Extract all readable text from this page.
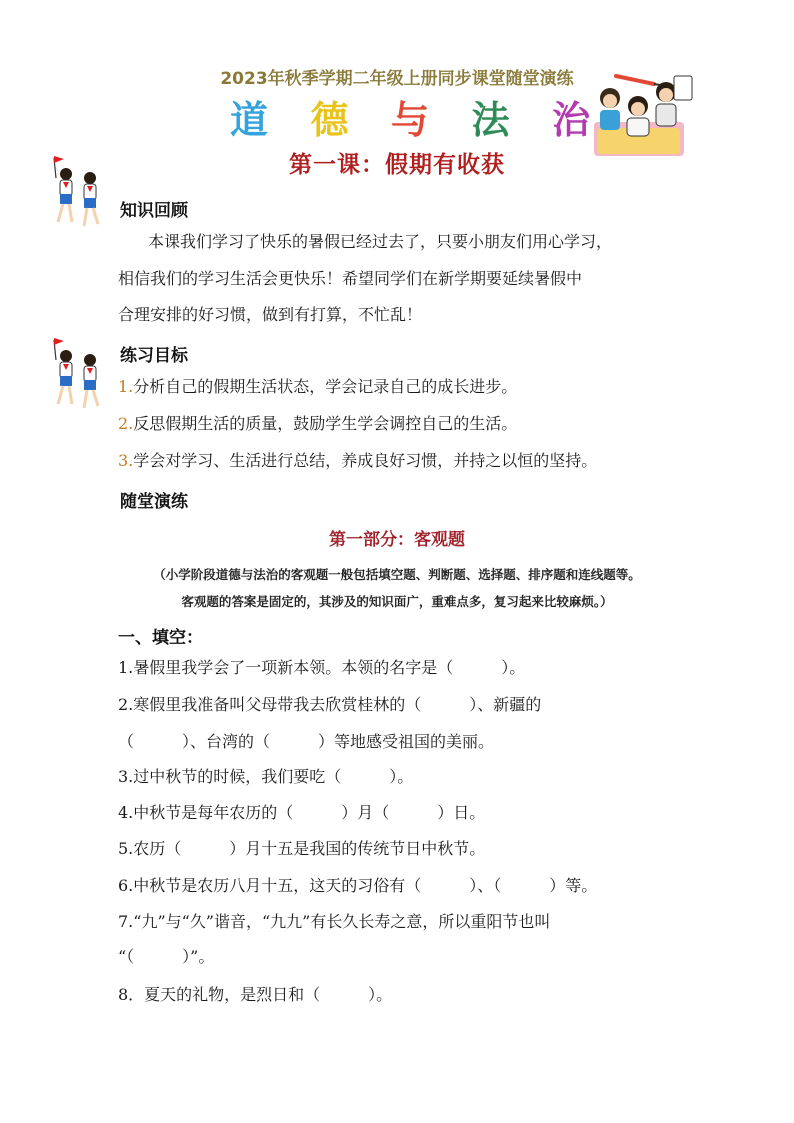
2023年秋季学期二年级上册同步课堂随堂演练
道 德 与 法 治
第一课：假期有收获
知识回顾
本课我们学习了快乐的暑假已经过去了，只要小朋友们用心学习，
相信我们的学习生活会更快乐！希望同学们在新学期要延续暑假中
合理安排的好习惯，做到有打算，不忙乱！
练习目标
1.分析自己的假期生活状态，学会记录自己的成长进步。
2.反思假期生活的质量，鼓励学生学会调控自己的生活。
3.学会对学习、生活进行总结，养成良好习惯，并持之以恒的坚持。
随堂演练
第一部分：客观题
（小学阶段道德与法治的客观题一般包括填空题、判断题、选择题、排序题和连线题等。
客观题的答案是固定的，其涉及的知识面广，重难点多，复习起来比较麻烦。）
一、填空：
1.暑假里我学会了一项新本领。本领的名字是（　　　）。
2.寒假里我准备叫父母带我去欣赏桂林的（　　　）、新疆的
（　　　）、台湾的（　　　）等地感受祖国的美丽。
3.过中秋节的时候，我们要吃（　　　）。
4.中秋节是每年农历的（　　　）月（　　　）日。
5.农历（　　　）月十五是我国的传统节日中秋节。
6.中秋节是农历八月十五，这天的习俗有（　　　）、（　　　）等。
7.“九”与“久”谐音，“九九”有长久长寿之意，所以重阳节也叫
“（　　　）”。
8．夏天的礼物，是烈日和（　　　）。
